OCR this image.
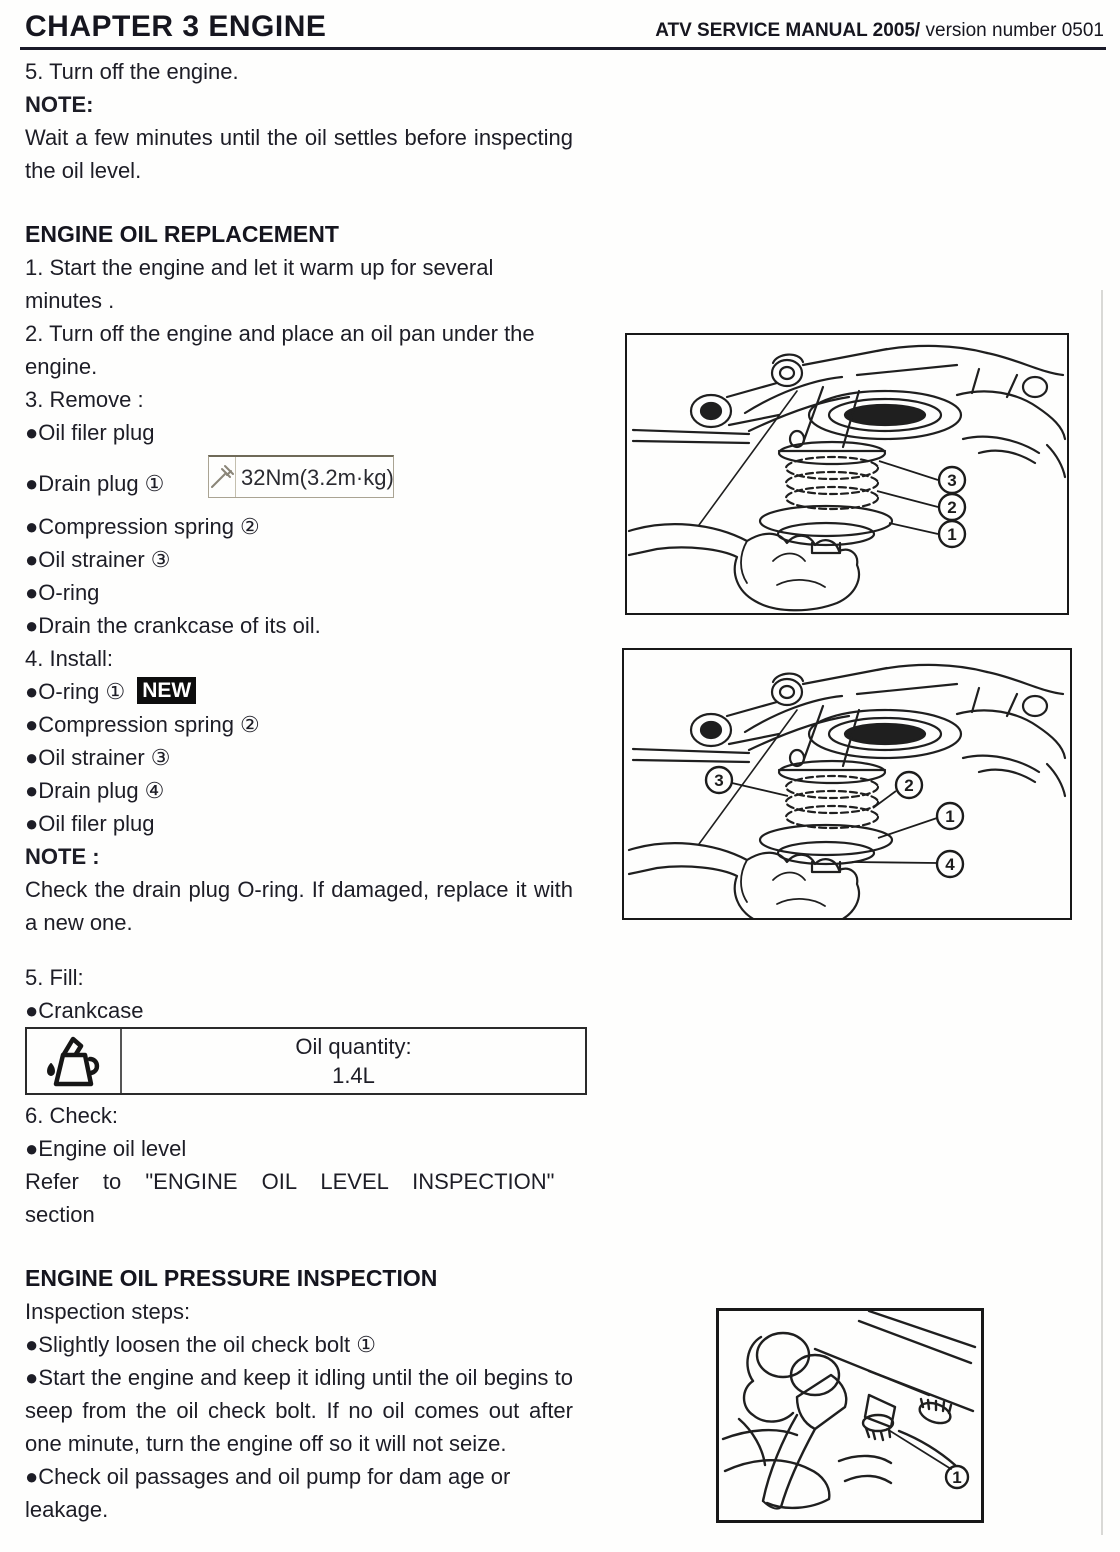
CHAPTER 3 ENGINE	ATV SERVICE MANUAL 2005/ version number 0501
5. Turn off the engine.
NOTE:
Wait a few minutes until the oil settles before inspecting the oil level.
ENGINE OIL REPLACEMENT
1. Start the engine and let it warm up for several minutes .
2. Turn off the engine and place an oil pan under the engine.
3. Remove :
●Oil filer plug
●Drain plug ①	32Nm(3.2m·kg)
●Compression spring ②
●Oil strainer ③
●O-ring
●Drain the crankcase of its oil.
4. Install:
●O-ring ① NEW
●Compression spring ②
●Oil strainer ③
●Drain plug ④
●Oil filer plug
NOTE :
Check the drain plug O-ring. If damaged, replace it with a new one.
5. Fill:
●Crankcase
Oil quantity:
1.4L
6. Check:
●Engine oil level
Refer to "ENGINE OIL LEVEL INSPECTION"
section
ENGINE OIL PRESSURE INSPECTION
Inspection steps:
●Slightly loosen the oil check bolt ①
●Start the engine and keep it idling until the oil begins to seep from the oil check bolt. If no oil comes out after one minute, turn the engine off so it will not seize.
●Check oil passages and oil pump for dam age or leakage.
3
2
1
3	2
1
4
1
